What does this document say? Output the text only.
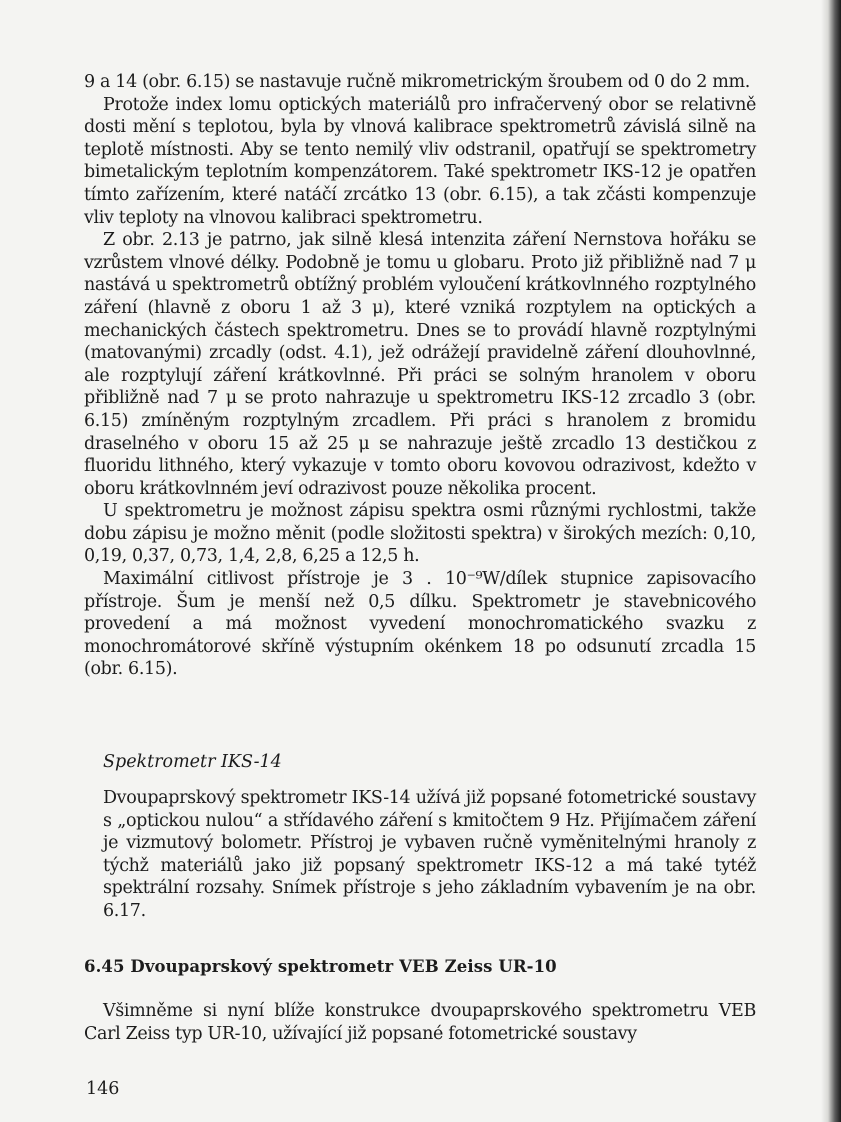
9 a 14 (obr. 6.15) se nastavuje ručně mikrometrickým šroubem od 0 do 2 mm.

Protože index lomu optických materiálů pro infračervený obor se relativně dosti mění s teplotou, byla by vlnová kalibrace spektrometrů závislá silně na teplotě místnosti. Aby se tento nemilý vliv odstranil, opatřují se spektrometry bimetalickým teplotním kompenzátorem. Také spektrometr IKS-12 je opatřen tímto zařízením, které natáčí zrcátko 13 (obr. 6.15), a tak zčásti kompenzuje vliv teploty na vlnovou kalibraci spektrometru.

Z obr. 2.13 je patrno, jak silně klesá intenzita záření Nernstova hořáku se vzrůstem vlnové délky. Podobně je tomu u globaru. Proto již přibližně nad 7 μ nastává u spektrometrů obtížný problém vyloučení krátkovlnného rozptylného záření (hlavně z oboru 1 až 3 μ), které vzniká rozptylem na optických a mechanických částech spektrometru. Dnes se to provádí hlavně rozptylnými (matovanými) zrcadly (odst. 4.1), jež odrážejí pravidelně záření dlouhovlnné, ale rozptylují záření krátkovlnné. Při práci se solným hranolem v oboru přibližně nad 7 μ se proto nahrazuje u spektrometru IKS-12 zrcadlo 3 (obr. 6.15) zmíněným rozptylným zrcadlem. Při práci s hranolem z bromidu draselného v oboru 15 až 25 μ se nahrazuje ještě zrcadlo 13 destičkou z fluoridu lithného, který vykazuje v tomto oboru kovovou odrazivost, kdežto v oboru krátkovlnném jeví odrazivost pouze několika procent.

U spektrometru je možnost zápisu spektra osmi různými rychlostmi, takže dobu zápisu je možno měnit (podle složitosti spektra) v širokých mezích: 0,10, 0,19, 0,37, 0,73, 1,4, 2,8, 6,25 a 12,5 h.

Maximální citlivost přístroje je 3 . 10⁻⁹W/dílek stupnice zapisovacího přístroje. Šum je menší než 0,5 dílku. Spektrometr je stavebnicového provedení a má možnost vyvedení monochromatického svazku z monochromátorové skříně výstupním okénkem 18 po odsunutí zrcadla 15 (obr. 6.15).

Spektrometr IKS-14

Dvoupaprskový spektrometr IKS-14 užívá již popsané fotometrické soustavy s „optickou nulou“ a střídavého záření s kmitočtem 9 Hz. Přijímačem záření je vizmutový bolometr. Přístroj je vybaven ručně vyměnitelnými hranoly z týchž materiálů jako již popsaný spektrometr IKS-12 a má také tytéž spektrální rozsahy. Snímek přístroje s jeho základním vybavením je na obr. 6.17.

6.45 Dvoupaprskový spektrometr VEB Zeiss UR-10

Všimněme si nyní blíže konstrukce dvoupaprskového spektrometru VEB Carl Zeiss typ UR-10, užívající již popsané fotometrické soustavy

146
